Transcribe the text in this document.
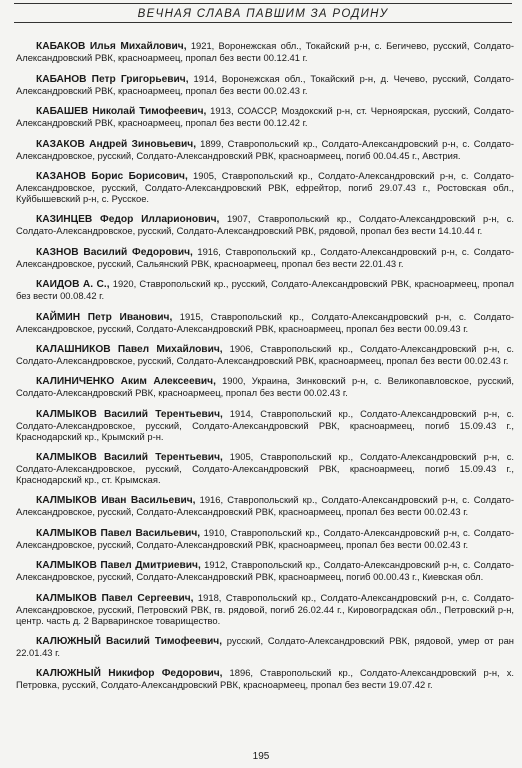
ВЕЧНАЯ СЛАВА ПАВШИМ ЗА РОДИНУ

КАБАКОВ Илья Михайлович, 1921, Воронежская обл., Токайский р-н, с. Бегичево, русский, Солдато-Александровский РВК, красноармеец, пропал без вести 00.12.41 г.

КАБАНОВ Петр Григорьевич, 1914, Воронежская обл., Токайский р-н, д. Чечево, русский, Солдато-Александровский РВК, красноармеец, пропал без вести 00.02.43 г.

КАБАШЕВ Николай Тимофеевич, 1913, СОАССР, Моздокский р-н, ст. Черноярская, русский, Солдато-Александровский РВК, красноармеец, пропал без вести 00.12.42 г.

КАЗАКОВ Андрей Зиновьевич, 1899, Ставропольский кр., Солдато-Александровский р-н, с. Солдато-Александровское, русский, Солдато-Александровский РВК, красноармеец, погиб 00.04.45 г., Австрия.

КАЗАНОВ Борис Борисович, 1905, Ставропольский кр., Солдато-Александровский р-н, с. Солдато-Александровское, русский, Солдато-Александровский РВК, ефрейтор, погиб 29.07.43 г., Ростовская обл., Куйбышевский р-н, с. Русское.

КАЗИНЦЕВ Федор Илларионович, 1907, Ставропольский кр., Солдато-Александровский р-н, с. Солдато-Александровское, русский, Солдато-Александровский РВК, рядовой, пропал без вести 14.10.44 г.

КАЗНОВ Василий Федорович, 1916, Ставропольский кр., Солдато-Александровский р-н, с. Солдато-Александровское, русский, Сальянский РВК, красноармеец, пропал без вести 22.01.43 г.

КАИДОВ А. С., 1920, Ставропольский кр., русский, Солдато-Александровский РВК, красноармеец, пропал без вести 00.08.42 г.

КАЙМИН Петр Иванович, 1915, Ставропольский кр., Солдато-Александровский р-н, с. Солдато-Александровское, русский, Солдато-Александровский РВК, красноармеец, пропал без вести 00.09.43 г.

КАЛАШНИКОВ Павел Михайлович, 1906, Ставропольский кр., Солдато-Александровский р-н, с. Солдато-Александровское, русский, Солдато-Александровский РВК, красноармеец, пропал без вести 00.02.43 г.

КАЛИНИЧЕНКО Аким Алексеевич, 1900, Украина, Зинковский р-н, с. Великопавловское, русский, Солдато-Александровский РВК, красноармеец, пропал без вести 00.02.43 г.

КАЛМЫКОВ Василий Терентьевич, 1914, Ставропольский кр., Солдато-Александровский р-н, с. Солдато-Александровское, русский, Солдато-Александровский РВК, красноармеец, погиб 15.09.43 г., Краснодарский кр., Крымский р-н.

КАЛМЫКОВ Василий Терентьевич, 1905, Ставропольский кр., Солдато-Александровский р-н, с. Солдато-Александровское, русский, Солдато-Александровский РВК, красноармеец, погиб 15.09.43 г., Краснодарский кр., ст. Крымская.

КАЛМЫКОВ Иван Васильевич, 1916, Ставропольский кр., Солдато-Александровский р-н, с. Солдато-Александровское, русский, Солдато-Александровский РВК, красноармеец, пропал без вести 00.02.43 г.

КАЛМЫКОВ Павел Васильевич, 1910, Ставропольский кр., Солдато-Александровский р-н, с. Солдато-Александровское, русский, Солдато-Александровский РВК, красноармеец, пропал без вести 00.02.43 г.

КАЛМЫКОВ Павел Дмитриевич, 1912, Ставропольский кр., Солдато-Александровский р-н, с. Солдато-Александровское, русский, Солдато-Александровский РВК, красноармеец, погиб 00.00.43 г., Киевская обл.

КАЛМЫКОВ Павел Сергеевич, 1918, Ставропольский кр., Солдато-Александровский р-н, с. Солдато-Александровское, русский, Петровский РВК, гв. рядовой, погиб 26.02.44 г., Кировоградская обл., Петровский р-н, центр. часть д. 2 Варваринское товарищество.

КАЛЮЖНЫЙ Василий Тимофеевич, русский, Солдато-Александровский РВК, рядовой, умер от ран 22.01.43 г.

КАЛЮЖНЫЙ Никифор Федорович, 1896, Ставропольский кр., Солдато-Александровский р-н, х. Петровка, русский, Солдато-Александровский РВК, красноармеец, пропал без вести 19.07.42 г.

195
